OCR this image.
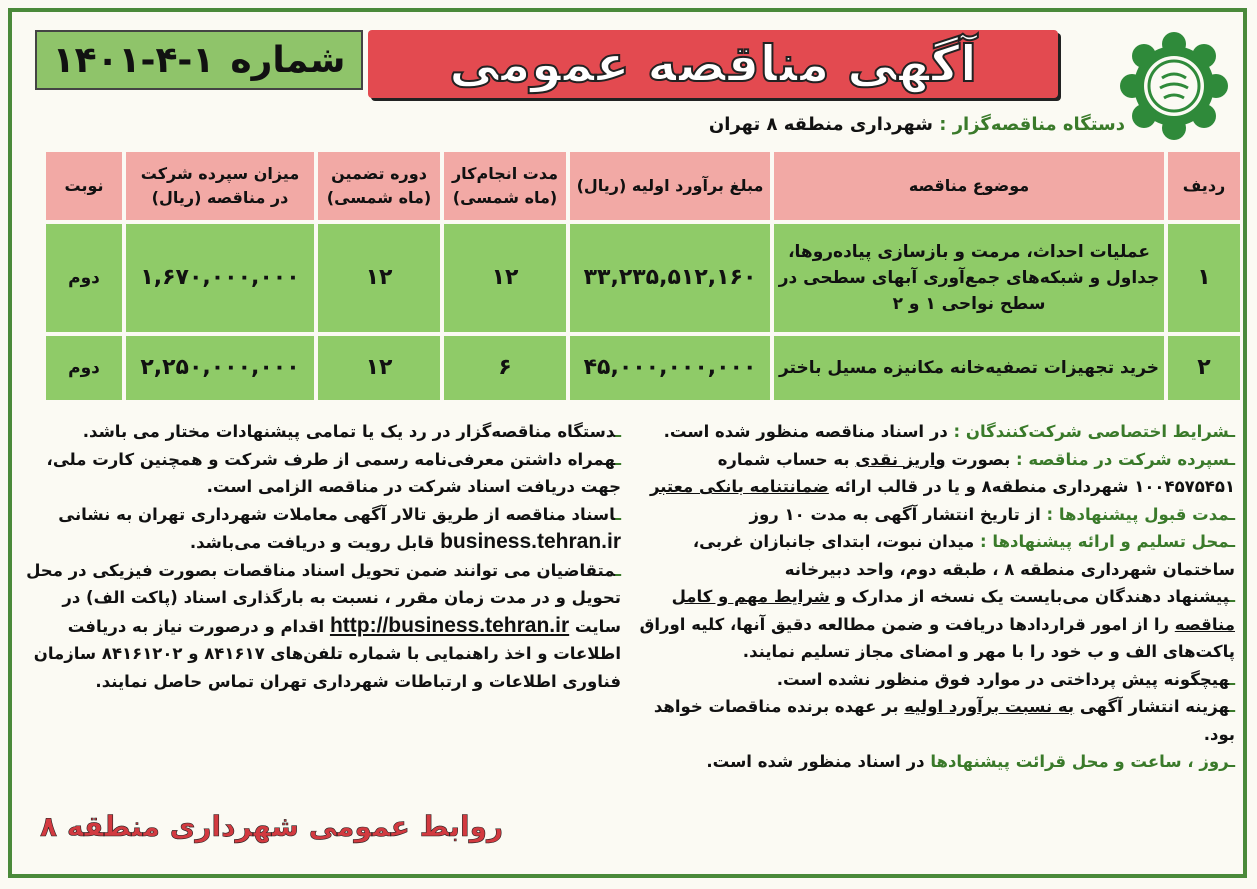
آگهی مناقصه عمومی
شماره
۱۴۰۱-۴-۱
دستگاه مناقصه‌گزار : شهرداری منطقه ۸ تهران
ردیف	موضوع مناقصه	مبلغ برآورد اولیه (ریال)	مدت انجام‌کار (ماه شمسی)	دوره تضمین (ماه شمسی)	میزان سپرده شرکت در مناقصه (ریال)	نوبت
۱	عملیات احداث، مرمت و بازسازی پیاده‌روها، جداول و شبکه‌های جمع‌آوری آبهای سطحی در سطح نواحی ۱ و ۲	۳۳,۲۳۵,۵۱۲,۱۶۰	۱۲	۱۲	۱,۶۷۰,۰۰۰,۰۰۰	دوم
۲	خرید تجهیزات تصفیه‌خانه مکانیزه مسیل باختر	۴۵,۰۰۰,۰۰۰,۰۰۰	۶	۱۲	۲,۲۵۰,۰۰۰,۰۰۰	دوم

ـشرایط اختصاصی شرکت‌کنندگان : در اسناد مناقصه منظور شده است.

ـسپرده شرکت در مناقصه : بصورت واریز نقدی به حساب شماره ۱۰۰۴۵۷۵۴۵۱ شهرداری منطقه۸ و یا در قالب ارائه ضمانتنامه بانکی معتبر

ـمدت قبول پیشنهادها : از تاریخ انتشار آگهی به مدت ۱۰ روز

ـمحل تسلیم و ارائه پیشنهادها : میدان نبوت، ابتدای جانبازان غربی، ساختمان شهرداری منطقه ۸ ، طبقه دوم، واحد دبیرخانه

ـپیشنهاد دهندگان می‌بایست یک نسخه از مدارک و شرایط مهم و کامل مناقصه را از امور قراردادها دریافت و ضمن مطالعه دقیق آنها، کلیه اوراق پاکت‌های الف و ب خود را با مهر و امضای مجاز تسلیم نمایند.

ـهیچگونه پیش پرداختی در موارد فوق منظور نشده است.

ـهزینه انتشار آگهی به نسبت برآورد اولیه بر عهده برنده مناقصات خواهد بود.

ـروز ، ساعت و محل قرائت پیشنهادها در اسناد منظور شده است.

ـدستگاه مناقصه‌گزار در رد یک یا تمامی پیشنهادات مختار می باشد.

ـهمراه داشتن معرفی‌نامه رسمی از طرف شرکت و همچنین کارت ملی، جهت دریافت اسناد شرکت در مناقصه الزامی است.

ـاسناد مناقصه از طریق تالار آگهی معاملات شهرداری تهران به نشانی business.tehran.ir قابل رویت و دریافت می‌باشد.

ـمتقاضیان می توانند ضمن تحویل اسناد مناقصات بصورت فیزیکی در محل تحویل و در مدت زمان مقرر ، نسبت به بارگذاری اسناد (پاکت الف) در سایت http://business.tehran.ir اقدام و درصورت نیاز به دریافت اطلاعات و اخذ راهنمایی با شماره تلفن‌های ۸۴۱۶۱۷ و ۸۴۱۶۱۲۰۲ سازمان فناوری اطلاعات و ارتباطات شهرداری تهران تماس حاصل نمایند.

روابط عمومی شهرداری منطقه ۸
